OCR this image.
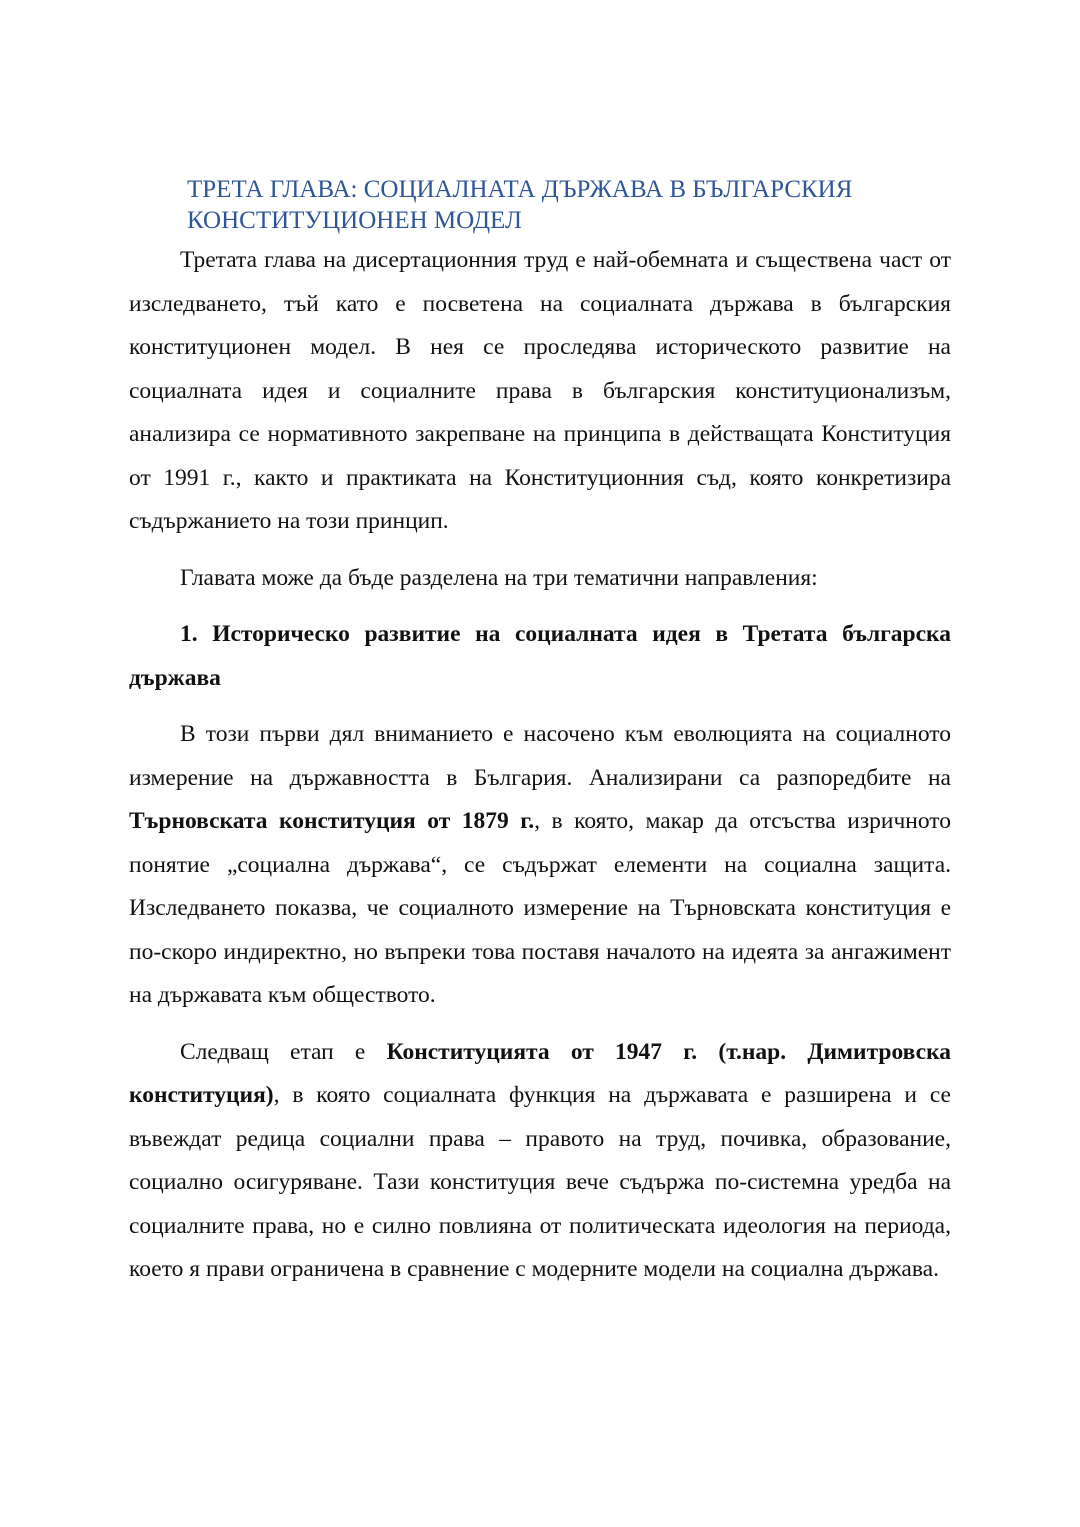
ТРЕТА ГЛАВА: СОЦИАЛНАТА ДЪРЖАВА В БЪЛГАРСКИЯ
КОНСТИТУЦИОНЕН МОДЕЛ

Третата глава на дисертационния труд е най-обемната и съществена част от изследването, тъй като е посветена на социалната държава в българския конституционен модел. В нея се проследява историческото развитие на социалната идея и социалните права в българския конституционализъм, анализира се нормативното закрепване на принципа в действащата Конституция от 1991 г., както и практиката на Конституционния съд, която конкретизира съдържанието на този принцип.

Главата може да бъде разделена на три тематични направления:

1. Историческо развитие на социалната идея в Третата българска държава

В този първи дял вниманието е насочено към еволюцията на социалното измерение на държавността в България. Анализирани са разпоредбите на Търновската конституция от 1879 г., в която, макар да отсъства изричното понятие „социална държава“, се съдържат елементи на социална защита. Изследването показва, че социалното измерение на Търновската конституция е по-скоро индиректно, но въпреки това поставя началото на идеята за ангажимент на държавата към обществото.

Следващ етап е Конституцията от 1947 г. (т.нар. Димитровска конституция), в която социалната функция на държавата е разширена и се въвеждат редица социални права – правото на труд, почивка, образование, социално осигуряване. Тази конституция вече съдържа по-системна уредба на социалните права, но е силно повлияна от политическата идеология на периода, което я прави ограничена в сравнение с модерните модели на социална държава.
